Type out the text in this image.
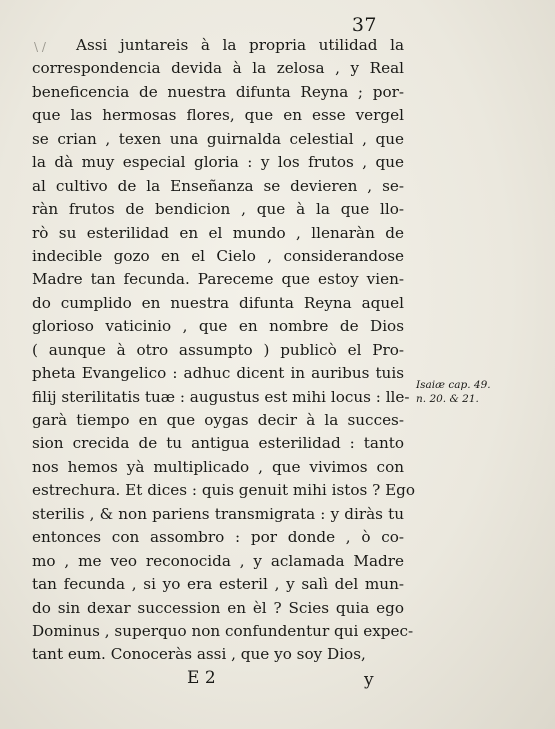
\ /
37
Assi juntareis à la propria utilidad la
correspondencia devida à la zelosa , y Real
beneficencia de nuestra difunta Reyna ; por-
que las hermosas flores, que en esse vergel
se crian , texen una guirnalda celestial , que
la dà muy especial gloria : y los frutos , que
al cultivo de la Enseñanza se devieren , se-
ràn frutos de bendicion , que à la que llo-
rò su esterilidad en el mundo , llenaràn de
indecible gozo en el Cielo , considerandose
Madre tan fecunda. Pareceme que estoy vien-
do cumplido en nuestra difunta Reyna aquel
glorioso vaticinio , que en nombre de Dios
( aunque à otro assumpto ) publicò el Pro-
pheta Evangelico : adhuc dicent in auribus tuis
filij sterilitatis tuæ : augustus est mihi locus : lle-
garà tiempo en que oygas decir à la succes-
sion crecida de tu antigua esterilidad : tanto
nos hemos yà multiplicado , que vivimos con
estrechura. Et dices : quis genuit mihi istos ? Ego
sterilis , & non pariens transmigrata : y diràs tu
entonces con assombro : por donde , ò co-
mo , me veo reconocida , y aclamada Madre
tan fecunda , si yo era esteril , y salì del mun-
do sin dexar succession en èl ? Scies quia ego
Dominus , superquo non confundentur qui expec-
tant eum. Conoceràs assi , que yo soy Dios,
Isaiæ cap. 49.
n. 20. & 21.
E 2	y
